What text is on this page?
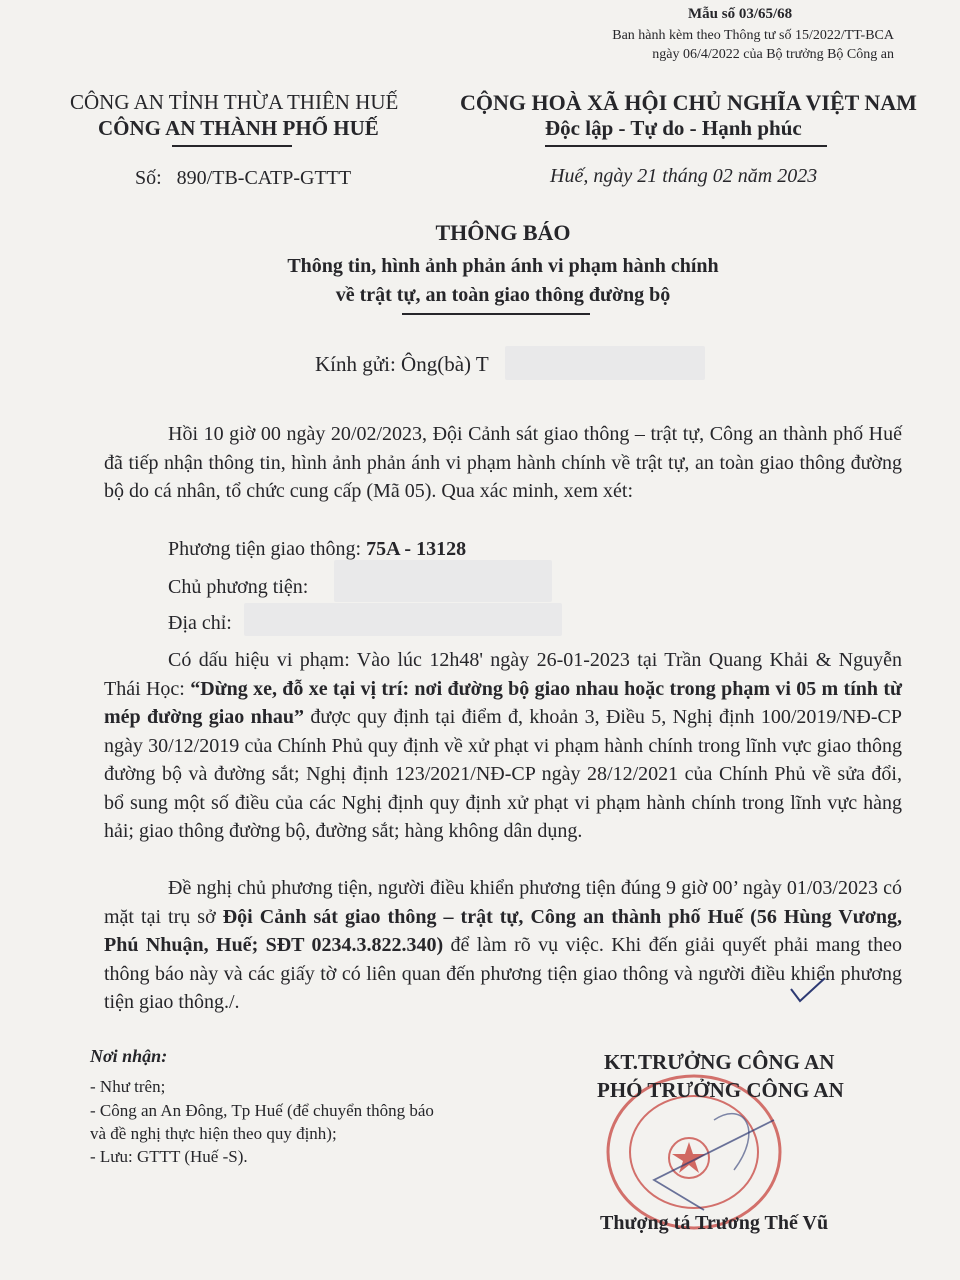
Mẫu số 03/65/68
Ban hành kèm theo Thông tư số 15/2022/TT-BCA
ngày 06/4/2022 của Bộ trưởng Bộ Công an
CÔNG AN TỈNH THỪA THIÊN HUẾ
CÔNG AN THÀNH PHỐ HUẾ
CỘNG HOÀ XÃ HỘI CHỦ NGHĨA VIỆT NAM
Độc lập - Tự do - Hạnh phúc
Số:   890/TB-CATP-GTTT	Huế, ngày 21 tháng 02 năm 2023
THÔNG BÁO
Thông tin, hình ảnh phản ánh vi phạm hành chính
về trật tự, an toàn giao thông đường bộ
Kính gửi: Ông(bà) T
Hồi 10 giờ 00 ngày 20/02/2023, Đội Cảnh sát giao thông – trật tự, Công an thành phố Huế đã tiếp nhận thông tin, hình ảnh phản ánh vi phạm hành chính về trật tự, an toàn giao thông đường bộ do cá nhân, tổ chức cung cấp (Mã 05). Qua xác minh, xem xét:
Phương tiện giao thông: 75A - 13128
Chủ phương tiện:
Địa chỉ:
Có dấu hiệu vi phạm: Vào lúc 12h48' ngày 26-01-2023 tại Trần Quang Khải & Nguyễn Thái Học: “Dừng xe, đỗ xe tại vị trí: nơi đường bộ giao nhau hoặc trong phạm vi 05 m tính từ mép đường giao nhau” được quy định tại điểm đ, khoản 3, Điều 5, Nghị định 100/2019/NĐ-CP ngày 30/12/2019 của Chính Phủ quy định về xử phạt vi phạm hành chính trong lĩnh vực giao thông đường bộ và đường sắt; Nghị định 123/2021/NĐ-CP ngày 28/12/2021 của Chính Phủ về sửa đổi, bổ sung một số điều của các Nghị định quy định xử phạt vi phạm hành chính trong lĩnh vực hàng hải; giao thông đường bộ, đường sắt; hàng không dân dụng.
Đề nghị chủ phương tiện, người điều khiển phương tiện đúng 9 giờ 00’ ngày 01/03/2023 có mặt tại trụ sở Đội Cảnh sát giao thông – trật tự, Công an thành phố Huế (56 Hùng Vương, Phú Nhuận, Huế; SĐT 0234.3.822.340) để làm rõ vụ việc. Khi đến giải quyết phải mang theo thông báo này và các giấy tờ có liên quan đến phương tiện giao thông và người điều khiển phương tiện giao thông./.
Nơi nhận:
- Như trên;
- Công an An Đông, Tp Huế (để chuyển thông báo
và đề nghị thực hiện theo quy định);
- Lưu: GTTT (Huế -S).
KT.TRƯỞNG CÔNG AN
PHÓ TRƯỞNG CÔNG AN
Thượng tá Trương Thế Vũ
